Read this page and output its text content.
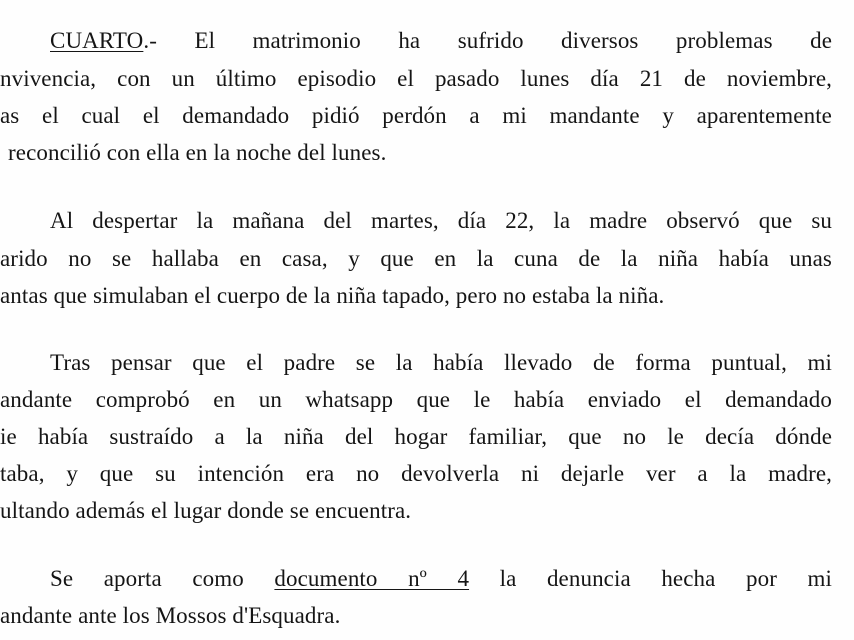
CUARTO.- El matrimonio ha sufrido diversos problemas de
nvivencia, con un último episodio el pasado lunes día 21 de noviembre,
as el cual el demandado pidió perdón a mi mandante y aparentemente
reconcilió con ella en la noche del lunes.
Al despertar la mañana del martes, día 22, la madre observó que su
arido no se hallaba en casa, y que en la cuna de la niña había unas
antas que simulaban el cuerpo de la niña tapado, pero no estaba la niña.
Tras pensar que el padre se la había llevado de forma puntual, mi
andante comprobó en un whatsapp que le había enviado el demandado
ie había sustraído a la niña del hogar familiar, que no le decía dónde
taba, y que su intención era no devolverla ni dejarle ver a la madre,
ultando además el lugar donde se encuentra.
Se aporta como documento nº 4 la denuncia hecha por mi
andante ante los Mossos d'Esquadra.
